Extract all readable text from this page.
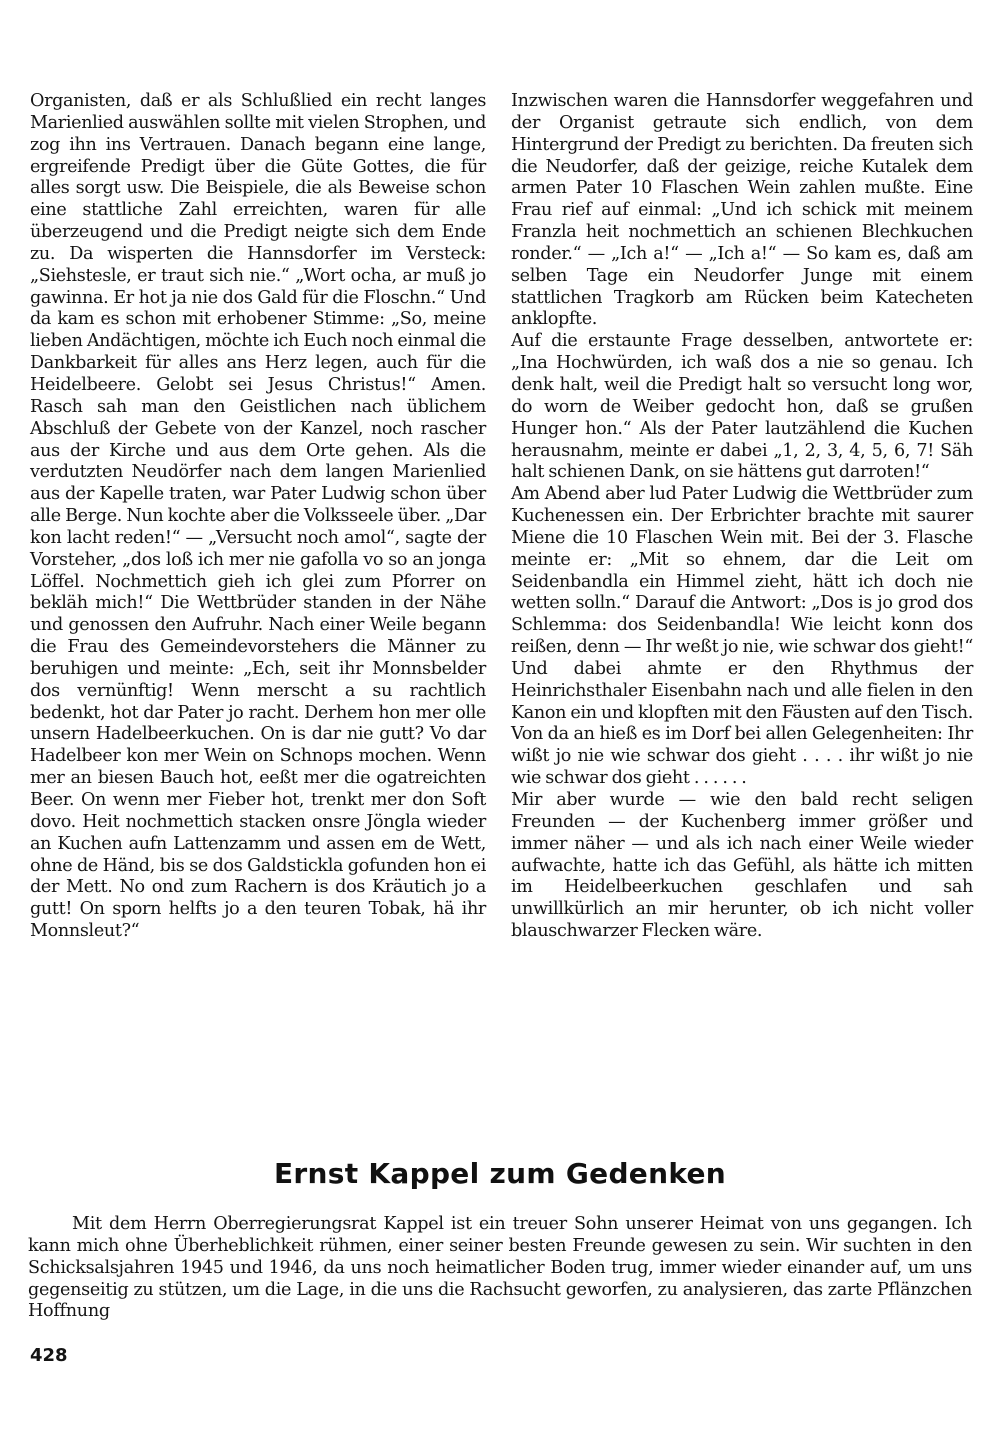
Organisten, daß er als Schlußlied ein recht langes Marienlied auswählen sollte mit vielen Strophen, und zog ihn ins Vertrauen. Danach begann eine lange, ergreifende Predigt über die Güte Gottes, die für alles sorgt usw. Die Beispiele, die als Beweise schon eine stattliche Zahl erreichten, waren für alle überzeugend und die Predigt neigte sich dem Ende zu. Da wisperten die Hannsdorfer im Versteck: „Siehstesle, er traut sich nie.“ „Wort ocha, ar muß jo gawinna. Er hot ja nie dos Gald für die Floschn.“ Und da kam es schon mit erhobener Stimme: „So, meine lieben Andächtigen, möchte ich Euch noch einmal die Dankbarkeit für alles ans Herz legen, auch für die Heidelbeere. Gelobt sei Jesus Christus!“ Amen. Rasch sah man den Geistlichen nach üblichem Abschluß der Gebete von der Kanzel, noch rascher aus der Kirche und aus dem Orte gehen. Als die verdutzten Neudörfer nach dem langen Marienlied aus der Kapelle traten, war Pater Ludwig schon über alle Berge. Nun kochte aber die Volksseele über. „Dar kon lacht reden!“ — „Versucht noch amol“, sagte der Vorsteher, „dos loß ich mer nie gafolla vo so an jonga Löffel. Nochmettich gieh ich glei zum Pforrer on bekläh mich!“ Die Wettbrüder standen in der Nähe und genossen den Aufruhr. Nach einer Weile begann die Frau des Gemeindevorstehers die Männer zu beruhigen und meinte: „Ech, seit ihr Monnsbelder dos vernünftig! Wenn merscht a su rachtlich bedenkt, hot dar Pater jo racht. Derhem hon mer olle unsern Hadelbeerkuchen. On is dar nie gutt? Vo dar Hadelbeer kon mer Wein on Schnops mochen. Wenn mer an biesen Bauch hot, eeßt mer die ogatreichten Beer. On wenn mer Fieber hot, trenkt mer don Soft dovo. Heit nochmettich stacken onsre Jöngla wieder an Kuchen aufn Lattenzamm und assen em de Wett, ohne de Händ, bis se dos Galdstickla gofunden hon ei der Mett. No ond zum Rachern is dos Kräutich jo a gutt! On sporn helfts jo a den teuren Tobak, hä ihr Monnsleut?“
Inzwischen waren die Hannsdorfer weggefahren und der Organist getraute sich endlich, von dem Hintergrund der Predigt zu berichten. Da freuten sich die Neudorfer, daß der geizige, reiche Kutalek dem armen Pater 10 Flaschen Wein zahlen mußte. Eine Frau rief auf einmal: „Und ich schick mit meinem Franzla heit nochmettich an schienen Blechkuchen ronder.“ — „Ich a!“ — „Ich a!“ — So kam es, daß am selben Tage ein Neudorfer Junge mit einem stattlichen Tragkorb am Rücken beim Katecheten anklopfte.
Auf die erstaunte Frage desselben, antwortete er: „Ina Hochwürden, ich waß dos a nie so genau. Ich denk halt, weil die Predigt halt so versucht long wor, do worn de Weiber gedocht hon, daß se grußen Hunger hon.“ Als der Pater lautzählend die Kuchen herausnahm, meinte er dabei „1, 2, 3, 4, 5, 6, 7! Säh halt schienen Dank, on sie hättens gut darroten!“
Am Abend aber lud Pater Ludwig die Wettbrüder zum Kuchenessen ein. Der Erbrichter brachte mit saurer Miene die 10 Flaschen Wein mit. Bei der 3. Flasche meinte er: „Mit so ehnem, dar die Leit om Seidenbandla ein Himmel zieht, hätt ich doch nie wetten solln.“ Darauf die Antwort: „Dos is jo grod dos Schlemma: dos Seidenbandla! Wie leicht konn dos reißen, denn — Ihr weßt jo nie, wie schwar dos gieht!“ Und dabei ahmte er den Rhythmus der Heinrichsthaler Eisenbahn nach und alle fielen in den Kanon ein und klopften mit den Fäusten auf den Tisch. Von da an hieß es im Dorf bei allen Gelegenheiten: Ihr wißt jo nie wie schwar dos gieht . . . . ihr wißt jo nie wie schwar dos gieht . . . . . .
Mir aber wurde — wie den bald recht seligen Freunden — der Kuchenberg immer größer und immer näher — und als ich nach einer Weile wieder aufwachte, hatte ich das Gefühl, als hätte ich mitten im Heidelbeerkuchen geschlafen und sah unwillkürlich an mir herunter, ob ich nicht voller blauschwarzer Flecken wäre.
Ernst Kappel zum Gedenken
Mit dem Herrn Oberregierungsrat Kappel ist ein treuer Sohn unserer Heimat von uns gegangen. Ich kann mich ohne Überheblichkeit rühmen, einer seiner besten Freunde gewesen zu sein. Wir suchten in den Schicksalsjahren 1945 und 1946, da uns noch heimatlicher Boden trug, immer wieder einander auf, um uns gegenseitig zu stützen, um die Lage, in die uns die Rachsucht geworfen, zu analysieren, das zarte Pflänzchen Hoffnung
428
